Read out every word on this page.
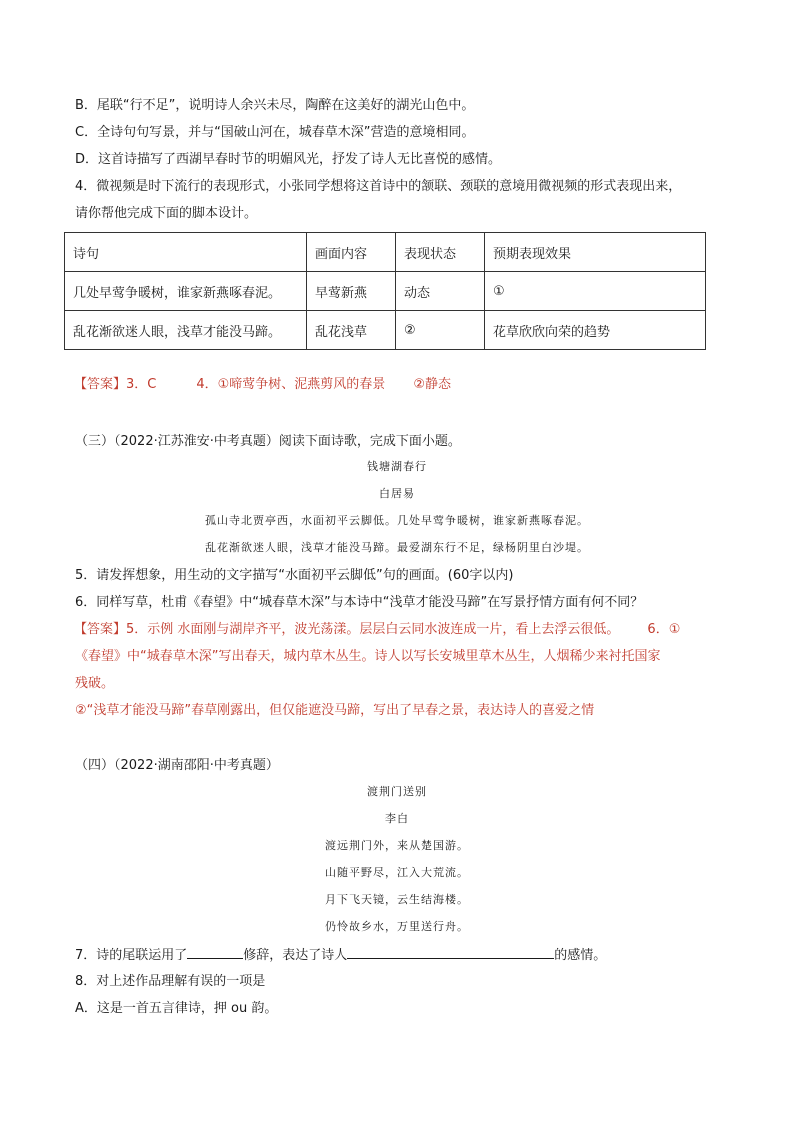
B．尾联“行不足”，说明诗人余兴未尽，陶醉在这美好的湖光山色中。
C．全诗句句写景，并与“国破山河在，城春草木深”营造的意境相同。
D．这首诗描写了西湖早春时节的明媚风光，抒发了诗人无比喜悦的感情。
4．微视频是时下流行的表现形式，小张同学想将这首诗中的颔联、颈联的意境用微视频的形式表现出来，
请你帮他完成下面的脚本设计。
诗句	画面内容	表现状态	预期表现效果
几处早莺争暖树，谁家新燕啄春泥。	早莺新燕	动态	①
乱花渐欲迷人眼，浅草才能没马蹄。	乱花浅草	②	花草欣欣向荣的趋势
【答案】3．C	4．①啼莺争树、泥燕剪风的春景 ②静态
（三）（2022·江苏淮安·中考真题）阅读下面诗歌，完成下面小题。
钱塘湖春行
白居易
孤山寺北贾亭西，水面初平云脚低。几处早莺争暖树，谁家新燕啄春泥。
乱花渐欲迷人眼，浅草才能没马蹄。最爱湖东行不足，绿杨阴里白沙堤。
5．请发挥想象，用生动的文字描写“水面初平云脚低”句的画面。(60字以内)
6．同样写草，杜甫《春望》中“城春草木深”与本诗中“浅草才能没马蹄”在写景抒情方面有何不同？
【答案】5．示例 水面刚与湖岸齐平，波光荡漾。层层白云同水波连成一片，看上去浮云很低。 6．①
《春望》中“城春草木深”写出春天，城内草木丛生。诗人以写长安城里草木丛生，人烟稀少来衬托国家
残破。
②“浅草才能没马蹄”春草刚露出，但仅能遮没马蹄，写出了早春之景，表达诗人的喜爱之情
（四）（2022·湖南邵阳·中考真题）
渡荆门送别
李白
渡远荆门外，来从楚国游。
山随平野尽，江入大荒流。
月下飞天镜，云生结海楼。
仍怜故乡水，万里送行舟。
7．诗的尾联运用了	修辞，表达了诗人	的感情。
8．对上述作品理解有误的一项是
A．这是一首五言律诗，押 ou 韵。
